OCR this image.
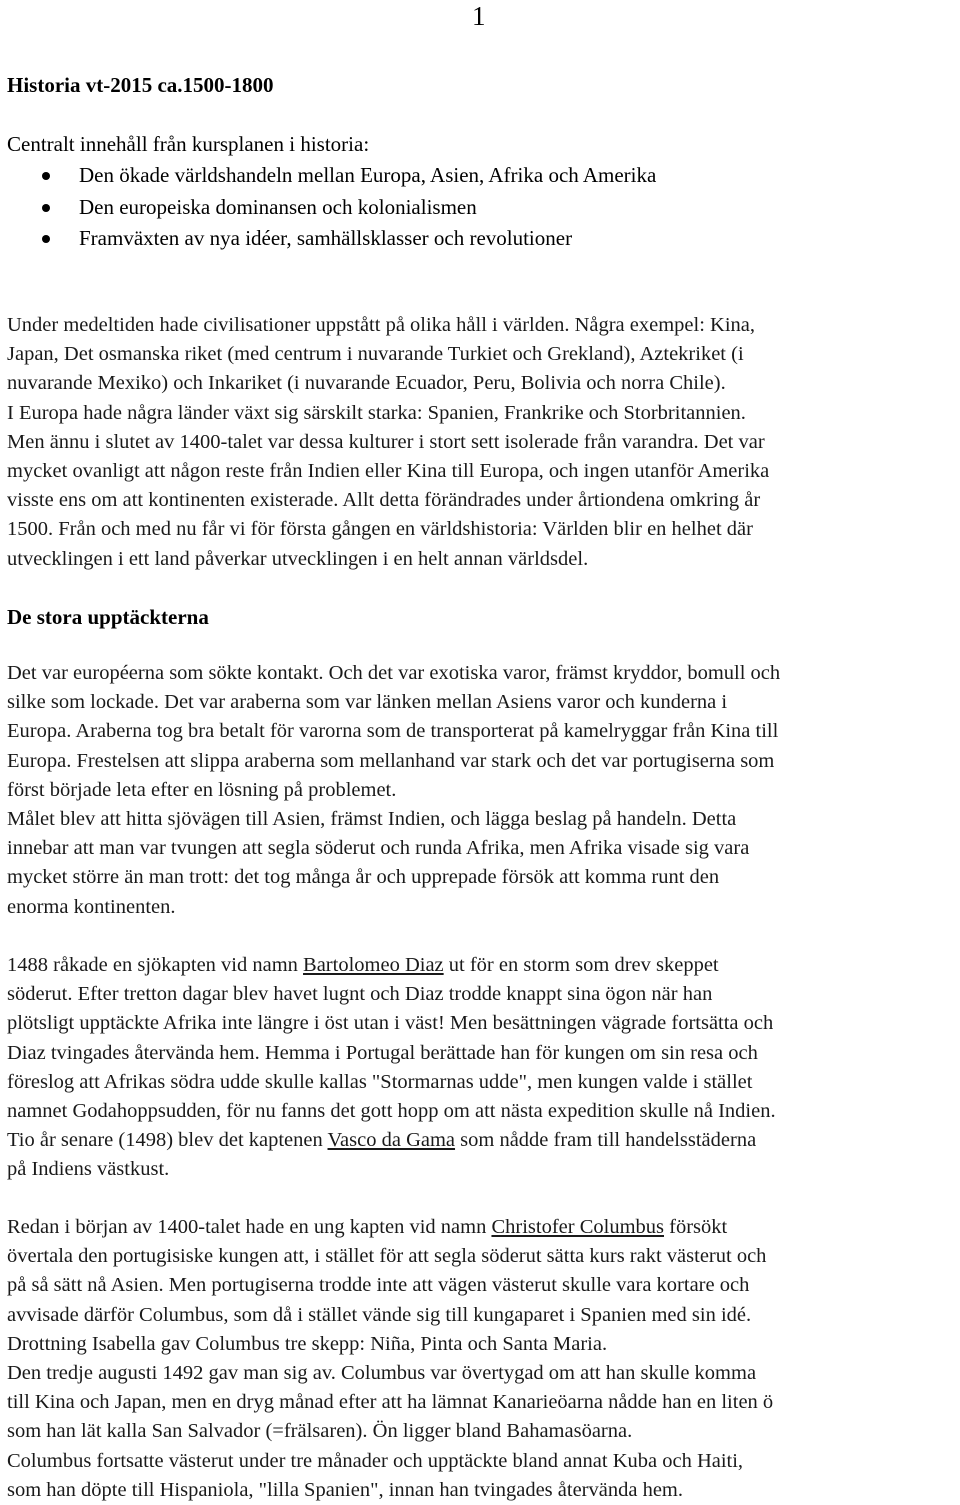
1
Historia vt-2015 ca.1500-1800
Centralt innehåll från kursplanen i historia:
Den ökade världshandeln mellan Europa, Asien, Afrika och Amerika
Den europeiska dominansen och kolonialismen
Framväxten av nya idéer, samhällsklasser och revolutioner
Under medeltiden hade civilisationer uppstått på olika håll i världen. Några exempel: Kina,
Japan, Det osmanska riket (med centrum i nuvarande Turkiet och Grekland), Aztekriket (i
nuvarande Mexiko) och Inkariket (i nuvarande Ecuador, Peru, Bolivia och norra Chile).
I Europa hade några länder växt sig särskilt starka: Spanien, Frankrike och Storbritannien.
Men ännu i slutet av 1400-talet var dessa kulturer i stort sett isolerade från varandra. Det var
mycket ovanligt att någon reste från Indien eller Kina till Europa, och ingen utanför Amerika
visste ens om att kontinenten existerade. Allt detta förändrades under årtiondena omkring år
1500. Från och med nu får vi för första gången en världshistoria: Världen blir en helhet där
utvecklingen i ett land påverkar utvecklingen i en helt annan världsdel.
De stora upptäckterna
Det var européerna som sökte kontakt. Och det var exotiska varor, främst kryddor, bomull och
silke som lockade. Det var araberna som var länken mellan Asiens varor och kunderna i
Europa. Araberna tog bra betalt för varorna som de transporterat på kamelryggar från Kina till
Europa. Frestelsen att slippa araberna som mellanhand var stark och det var portugiserna som
först började leta efter en lösning på problemet.
Målet blev att hitta sjövägen till Asien, främst Indien, och lägga beslag på handeln. Detta
innebar att man var tvungen att segla söderut och runda Afrika, men Afrika visade sig vara
mycket större än man trott: det tog många år och upprepade försök att komma runt den
enorma kontinenten.
1488 råkade en sjökapten vid namn Bartolomeo Diaz ut för en storm som drev skeppet
söderut. Efter tretton dagar blev havet lugnt och Diaz trodde knappt sina ögon när han
plötsligt upptäckte Afrika inte längre i öst utan i väst! Men besättningen vägrade fortsätta och
Diaz tvingades återvända hem. Hemma i Portugal berättade han för kungen om sin resa och
föreslog att Afrikas södra udde skulle kallas "Stormarnas udde", men kungen valde i stället
namnet Godahoppsudden, för nu fanns det gott hopp om att nästa expedition skulle nå Indien.
Tio år senare (1498) blev det kaptenen Vasco da Gama som nådde fram till handelsstäderna
på Indiens västkust.
Redan i början av 1400-talet hade en ung kapten vid namn Christofer Columbus försökt
övertala den portugisiske kungen att, i stället för att segla söderut sätta kurs rakt västerut och
på så sätt nå Asien. Men portugiserna trodde inte att vägen västerut skulle vara kortare och
avvisade därför Columbus, som då i stället vände sig till kungaparet i Spanien med sin idé.
Drottning Isabella gav Columbus tre skepp: Niña, Pinta och Santa Maria.
Den tredje augusti 1492 gav man sig av. Columbus var övertygad om att han skulle komma
till Kina och Japan, men en dryg månad efter att ha lämnat Kanarieöarna nådde han en liten ö
som han lät kalla San Salvador (=frälsaren). Ön ligger bland Bahamasöarna.
Columbus fortsatte västerut under tre månader och upptäckte bland annat Kuba och Haiti,
som han döpte till Hispaniola, "lilla Spanien", innan han tvingades återvända hem.
